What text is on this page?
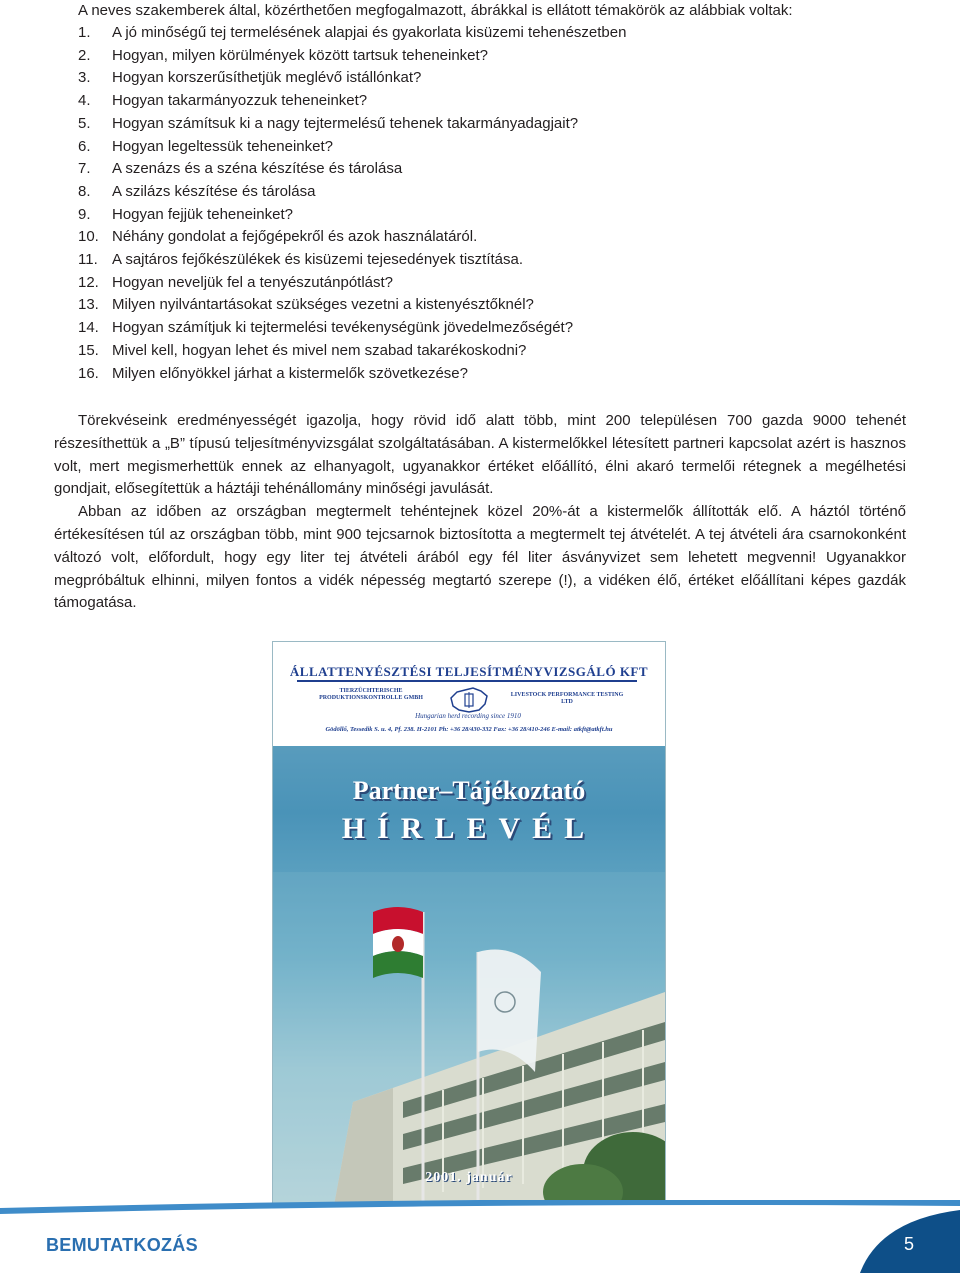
A neves szakemberek által, közérthetően megfogalmazott, ábrákkal is ellátott témakörök az alábbiak voltak:

1.	A jó minőségű tej termelésének alapjai és gyakorlata kisüzemi tehenészetben
2.	Hogyan, milyen körülmények között tartsuk teheneinket?
3.	Hogyan korszerűsíthetjük meglévő istállónkat?
4.	Hogyan takarmányozzuk teheneinket?
5.	Hogyan számítsuk ki a nagy tejtermelésű tehenek takarmányadagjait?
6.	Hogyan legeltessük teheneinket?
7.	A szenázs és a széna készítése és tárolása
8.	A szilázs készítése és tárolása
9.	Hogyan fejjük teheneinket?
10. Néhány gondolat a fejőgépekről és azok használatáról.
11. A sajtáros fejőkészülékek és kisüzemi tejesedények tisztítása.
12. Hogyan neveljük fel a tenyészutánpótlást?
13. Milyen nyilvántartásokat szükséges vezetni a kistenyésztőknél?
14. Hogyan számítjuk ki tejtermelési tevékenységünk jövedelmezőségét?
15. Mivel kell, hogyan lehet és mivel nem szabad takarékoskodni?
16. Milyen előnyökkel járhat a kistermelők szövetkezése?

Törekvéseink eredményességét igazolja, hogy rövid idő alatt több, mint 200 településen 700 gazda 9000 tehenét részesíthettük a „B” típusú teljesítményvizsgálat szolgáltatásában. A kistermelőkkel létesített partneri kapcsolat azért is hasznos volt, mert megismerhettük ennek az elhanyagolt, ugyanakkor értéket előállító, élni akaró termelői rétegnek a megélhetési gondjait, elősegítettük a háztáji tehénállomány minőségi javulását.

Abban az időben az országban megtermelt tehéntejnek közel 20%-át a kistermelők állították elő. A háztól történő értékesítésen túl az országban több, mint 900 tejcsarnok biztosította a megtermelt tej átvételét. A tej átvételi ára csarnokonként változó volt, előfordult, hogy egy liter tej átvételi árából egy fél liter ásványvizet sem lehetett megvenni! Ugyanakkor megpróbáltuk elhinni, milyen fontos a vidék népesség megtartó szerepe (!), a vidéken élő, értéket előállítani képes gazdák támogatása.

ÁLLATTENYÉSZTÉSI TELJESÍTMÉNYVIZSGÁLÓ KFT
TIERZÜCHTERISCHE PRODUKTIONSKONTROLLE GMBH	LIVESTOCK PERFORMANCE TESTING LTD
Hungarian herd recording since 1910
Gödöllő, Tessedik S. u. 4, Pf. 238. H-2101 Ph: +36 28/430-332 Fax: +36 28/410-246 E-mail: atkft@atkft.hu
Partner–Tájékoztató
HÍRLEVÉL
2001. január
BEMUTATKOZÁS	5
